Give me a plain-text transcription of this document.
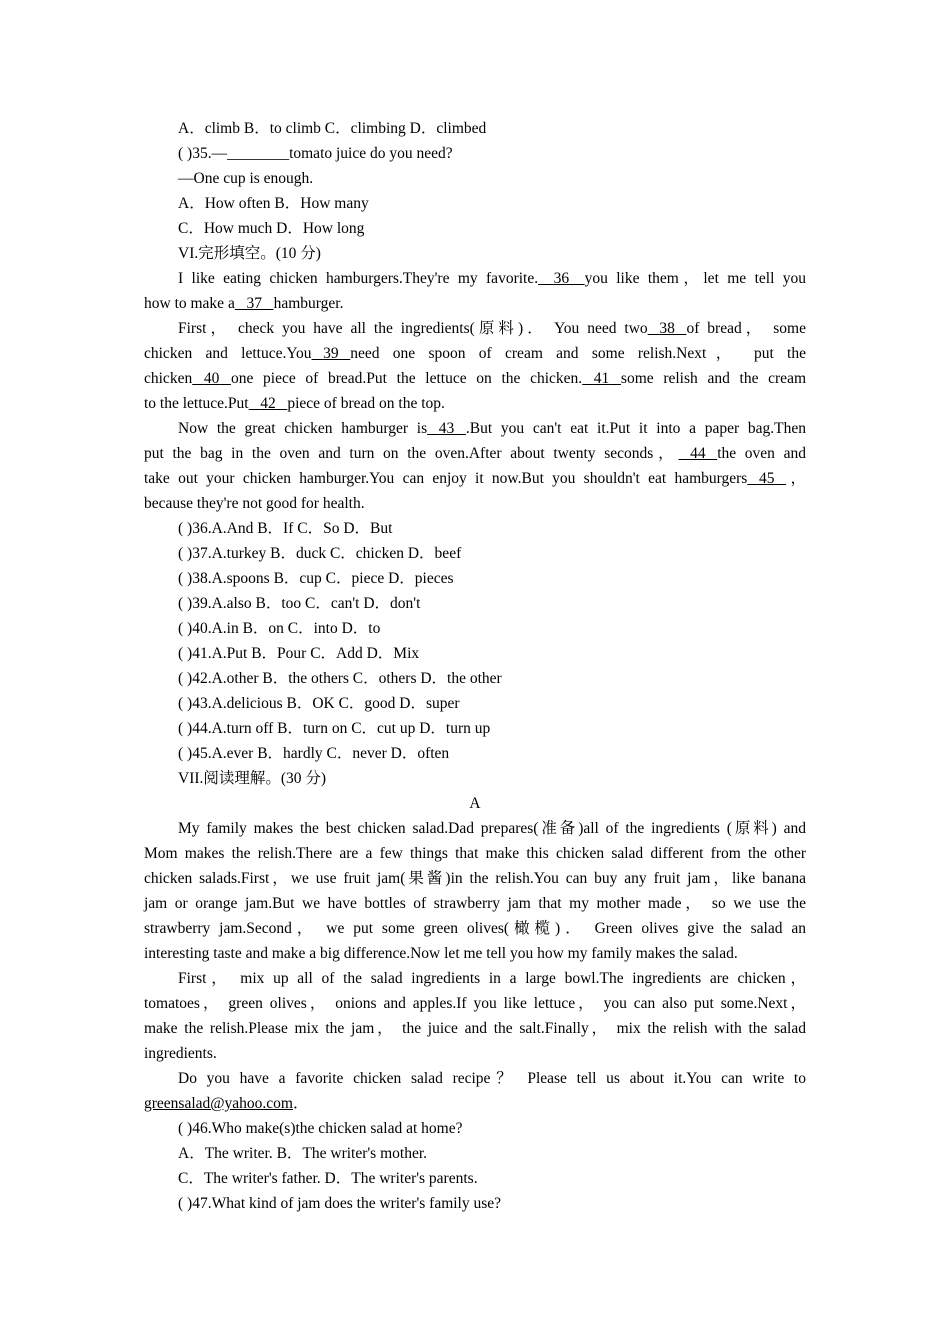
A．climb B．to climb C．climbing D．climbed
( )35.—________tomato juice do you need?
—One cup is enough.
A．How often B．How many
C．How much D．How long
VI.完形填空。(10 分)
I like eating chicken hamburgers.They're my favorite. 36 you like them，let me tell you
how to make a 37 hamburger.
First， check you have all the ingredients(原料)． You need two 38 of bread， some
chicken and lettuce.You 39 need one spoon of cream and some relish.Next， put the
chicken 40 one piece of bread.Put the lettuce on the chicken. 41 some relish and the cream
to the lettuce.Put 42 piece of bread on the top.
Now the great chicken hamburger is 43 .But you can't eat it.Put it into a paper bag.Then
put the bag in the oven and turn on the oven.After about twenty seconds， 44 the oven and
take out your chicken hamburger.You can enjoy it now.But you shouldn't eat hamburgers 45 ，
because they're not good for health.
( )36.A.And B．If C．So D．But
( )37.A.turkey B．duck C．chicken D．beef
( )38.A.spoons B．cup C．piece D．pieces
( )39.A.also B．too C．can't D．don't
( )40.A.in B．on C．into D．to
( )41.A.Put B．Pour C．Add D．Mix
( )42.A.other B．the others C．others D．the other
( )43.A.delicious B．OK C．good D．super
( )44.A.turn off B．turn on C．cut up D．turn up
( )45.A.ever B．hardly C．never D．often
VII.阅读理解。(30 分)
A
My family makes the best chicken salad.Dad prepares(准备)all of the ingredients (原料) and
Mom makes the relish.There are a few things that make this chicken salad different from the other
chicken salads.First，we use fruit jam(果酱)in the relish.You can buy any fruit jam，like banana
jam or orange jam.But we have bottles of strawberry jam that my mother made， so we use the
strawberry jam.Second， we put some green olives(橄榄)． Green olives give the salad an
interesting taste and make a big difference.Now let me tell you how my family makes the salad.
First， mix up all of the salad ingredients in a large bowl.The ingredients are chicken，
tomatoes， green olives， onions and apples.If you like lettuce， you can also put some.Next，
make the relish.Please mix the jam， the juice and the salt.Finally， mix the relish with the salad
ingredients.
Do you have a favorite chicken salad recipe？ Please tell us about it.You can write to
greensalad@yahoo.com．
( )46.Who make(s)the chicken salad at home?
A．The writer. B．The writer's mother.
C．The writer's father. D．The writer's parents.
( )47.What kind of jam does the writer's family use?
